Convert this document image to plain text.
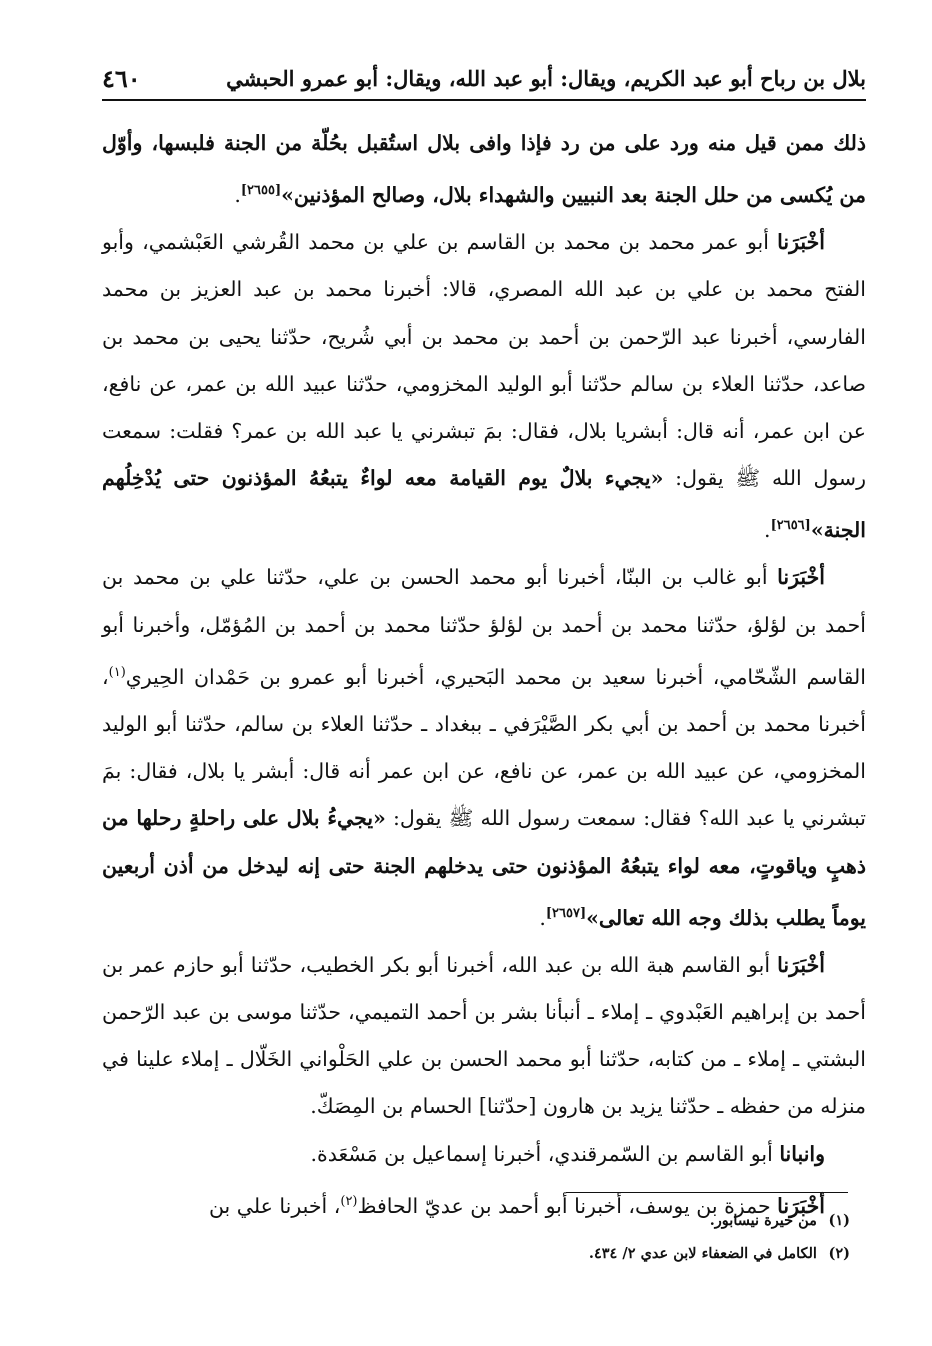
بلال بن رباح أبو عبد الكريم، ويقال: أبو عبد الله، ويقال: أبو عمرو الحبشي
٤٦٠

ذلك ممن قيل منه ورد على من رد فإذا وافى بلال استُقبل بحُلّة من الجنة فلبسها، وأوّل من يُكسى من حلل الجنة بعد النبيين والشهداء بلال، وصالح المؤذنين»[٢٦٥٥].

  أخْبَرَنا أبو عمر محمد بن محمد بن القاسم بن علي بن محمد القُرشي العَبْشمي، وأبو الفتح محمد بن علي بن عبد الله المصري، قالا: أخبرنا محمد بن عبد العزيز بن محمد الفارسي، أخبرنا عبد الرّحمن بن أحمد بن محمد بن أبي شُريح، حدّثنا يحيى بن محمد بن صاعد، حدّثنا العلاء بن سالم حدّثنا أبو الوليد المخزومي، حدّثنا عبيد الله بن عمر، عن نافع، عن ابن عمر، أنه قال: أبشريا بلال، فقال: بمَ تبشرني يا عبد الله بن عمر؟ فقلت: سمعت رسول الله ﷺ يقول: «يجيء بلالٌ يوم القيامة معه لواءٌ يتبعُهُ المؤذنون حتى يُدْخِلُهم الجنة»[٢٦٥٦].

  أخْبَرَنا أبو غالب بن البنّا، أخبرنا أبو محمد الحسن بن علي، حدّثنا علي بن محمد بن أحمد بن لؤلؤ، حدّثنا محمد بن أحمد بن لؤلؤ حدّثنا محمد بن أحمد بن المُؤمّل، وأخبرنا أبو القاسم الشّحّامي، أخبرنا سعيد بن محمد البَحيري، أخبرنا أبو عمرو بن حَمْدان الحِيري$^{(١)}$، أخبرنا محمد بن أحمد بن أبي بكر الصَّيْرَفي ـ ببغداد ـ حدّثنا العلاء بن سالم، حدّثنا أبو الوليد المخزومي، عن عبيد الله بن عمر، عن نافع، عن ابن عمر أنه قال: أبشر يا بلال، فقال: بمَ تبشرني يا عبد الله؟ فقال: سمعت رسول الله ﷺ يقول: «يجيءُ بلال على راحلةٍ رحلها من ذهبٍ وياقوتٍ، معه لواء يتبعُهُ المؤذنون حتى يدخلهم الجنة حتى إنه ليدخل من أذن أربعين يوماً يطلب بذلك وجه الله تعالى»[٢٦٥٧].

  أخْبَرَنا أبو القاسم هبة الله بن عبد الله، أخبرنا أبو بكر الخطيب، حدّثنا أبو حازم عمر بن أحمد بن إبراهيم العَبْدوي ـ إملاء ـ أنبأنا بشر بن أحمد التميمي، حدّثنا موسى بن عبد الرّحمن البشتي ـ إملاء ـ من كتابه، حدّثنا أبو محمد الحسن بن علي الحَلْواني الخَلّال ـ إملاء علينا في منزله من حفظه ـ حدّثنا يزيد بن هارون [حدّثنا] الحسام بن المِصَكّ.

  وانبانا أبو القاسم بن السّمرقندي، أخبرنا إسماعيل بن مَسْعَدة.

  أخْبَرَنا حمزة بن يوسف، أخبرنا أبو أحمد بن عديّ الحافظ$^{(٢)}$، أخبرنا علي بن

(١) من حيرة نيسابور.
(٢) الكامل في الضعفاء لابن عدي ٢/ ٤٣٤.
